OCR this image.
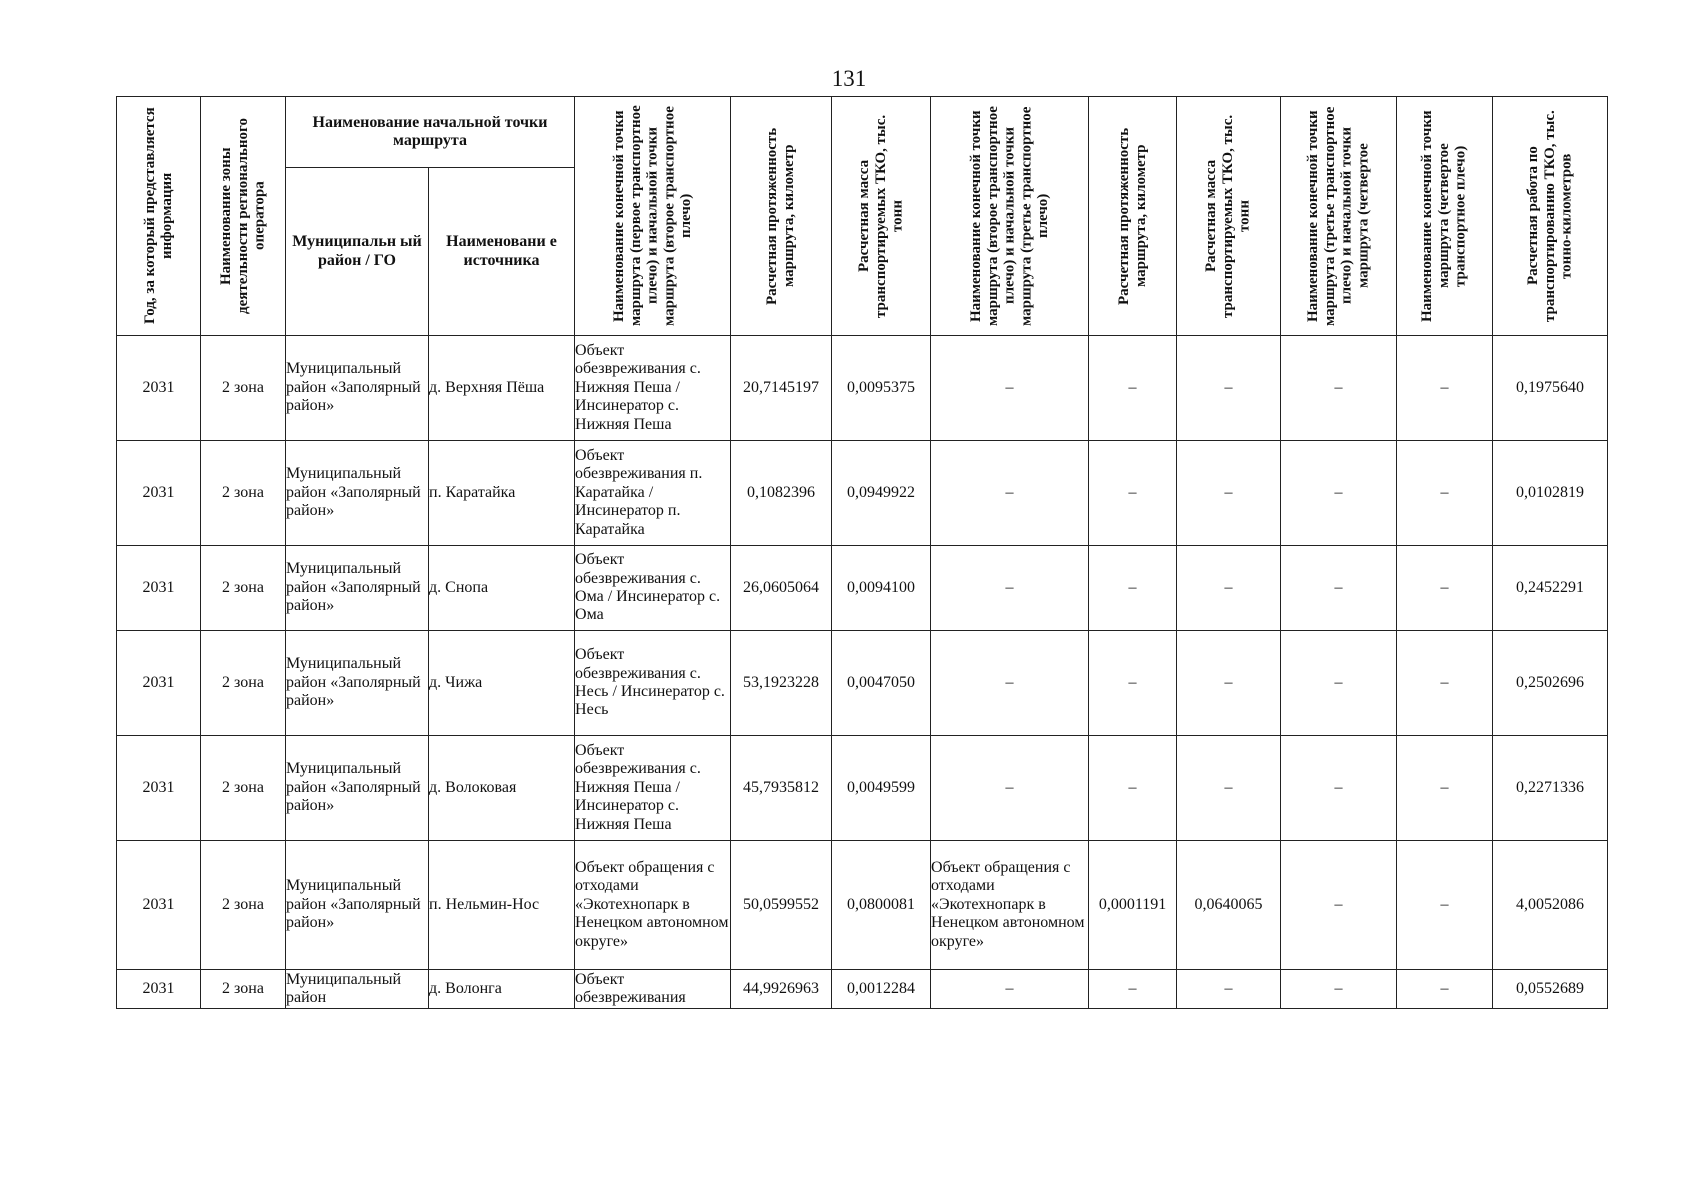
131
Год, за который представляется информация	Наименование зоны деятельности регионального оператора	Наименование начальной точки маршрута		Наименование конечной точки маршрута (первое транспортное плечо) и начальной точки маршрута (второе транспортное плечо)	Расчетная протяженность маршрута, километр	Расчетная масса транспортируемых ТКО, тыс. тонн	Наименование конечной точки маршрута (второе транспортное плечо) и начальной точки маршрута (третье транспортное плечо)	Расчетная протяженность маршрута, километр	Расчетная масса транспортируемых ТКО, тыс. тонн	Наименование конечной точки маршрута (третье транспортное плечо) и начальной точки маршрута (четвертое	Наименование конечной точки маршрута (четвертое транспортное плечо)	Расчетная работа по транспортированию ТКО, тыс. тонно-километров

		Муниципальн ый район / ГО	Наименовани е источника									
2031	2 зона	Муниципальный район «Заполярный район»	д. Верхняя Пёша	Объект обезвреживания с. Нижняя Пеша / Инсинератор с. Нижняя Пеша	20,7145197	0,0095375	–	–	–	–	–	0,1975640
2031	2 зона	Муниципальный район «Заполярный район»	п. Каратайка	Объект обезвреживания п. Каратайка / Инсинератор п. Каратайка	0,1082396	0,0949922	–	–	–	–	–	0,0102819
2031	2 зона	Муниципальный район «Заполярный район»	д. Снопа	Объект обезвреживания с. Ома / Инсинератор с. Ома	26,0605064	0,0094100	–	–	–	–	–	0,2452291
2031	2 зона	Муниципальный район «Заполярный район»	д. Чижа	Объект обезвреживания с. Несь / Инсинератор с. Несь	53,1923228	0,0047050	–	–	–	–	–	0,2502696
2031	2 зона	Муниципальный район «Заполярный район»	д. Волоковая	Объект обезвреживания с. Нижняя Пеша / Инсинератор с. Нижняя Пеша	45,7935812	0,0049599	–	–	–	–	–	0,2271336
2031	2 зона	Муниципальный район «Заполярный район»	п. Нельмин-Нос	Объект обращения с отходами «Экотехнопарк в Ненецком автономном округе»	50,0599552	0,0800081	Объект обращения с отходами «Экотехнопарк в Ненецком автономном округе»	0,0001191	0,0640065	–	–	4,0052086
2031	2 зона	Муниципальный район	д. Волонга	Объект обезвреживания	44,9926963	0,0012284	–	–	–	–	–	0,0552689
